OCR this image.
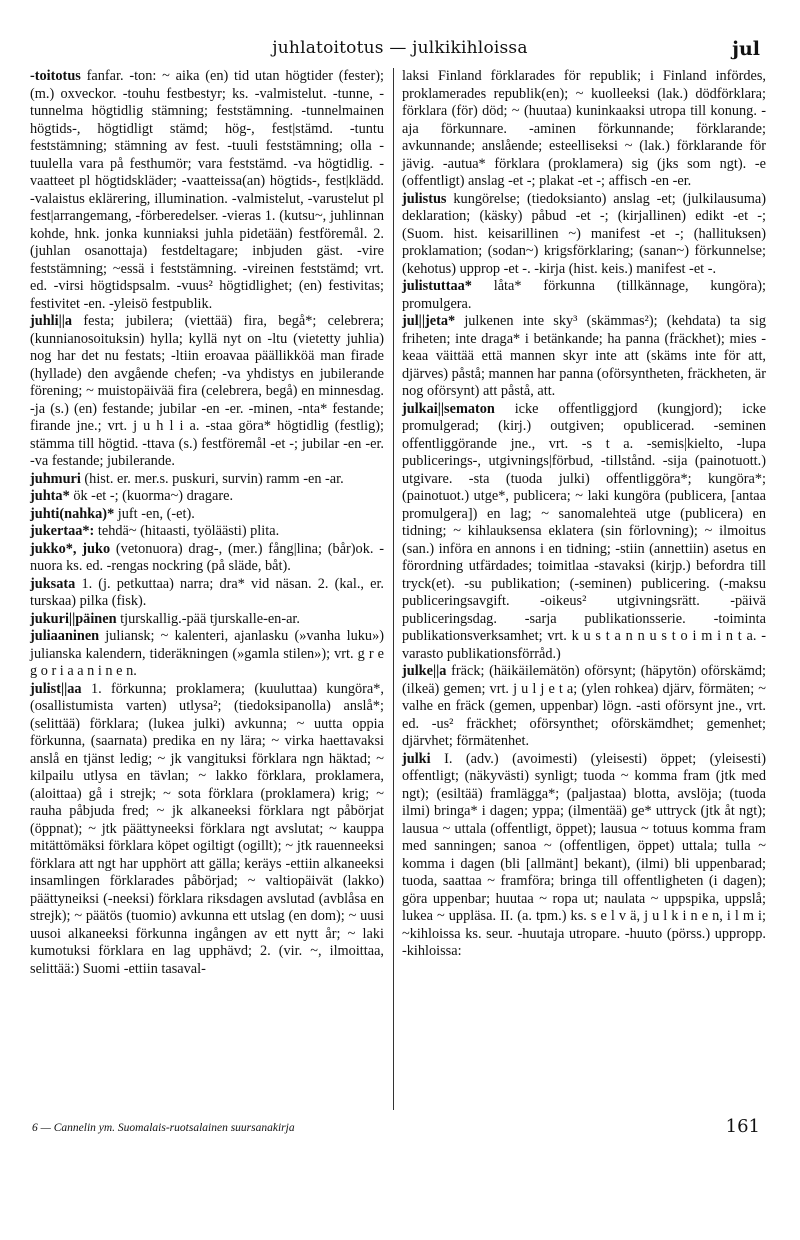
juhlatoitotus — julkikihloissa	jul

-toitotus fanfar. -ton: ~ aika (en) tid utan högtider (fester); (m.) oxveckor. -touhu festbestyr; ks. -valmistelut. -tunne, -tunnelma högtidlig stämning; feststämning. -tunnelmainen högtids-, högtidligt stämd; hög-, fest|stämd. -tuntu feststämning; stämning av fest. -tuuli feststämning; olla -tuulella vara på festhumör; vara feststämd. -va högtidlig. -vaatteet pl högtidskläder; -vaatteissa(an) högtids-, fest|klädd. -valaistus eklärering, illumination. -valmistelut, -varustelut pl fest|arrangemang, -förberedelser. -vieras 1. (kutsu~, juhlinnan kohde, hnk. jonka kunniaksi juhla pidetään) festföremål. 2. (juhlan osanottaja) festdeltagare; inbjuden gäst. -vire feststämning; ~essä i feststämning. -vireinen feststämd; vrt. ed. -virsi högtidspsalm. -vuus² högtidlighet; (en) festivitas; festivitet -en. -yleisö festpublik.

juhli||a festa; jubilera; (viettää) fira, begå*; celebrera; (kunnianosoituksin) hylla; kyllä nyt on -ltu (vietetty juhlia) nog har det nu festats; -ltiin eroavaa päällikköä man firade (hyllade) den avgående chefen; -va yhdistys en jubilerande förening; ~ muistopäivää fira (celebrera, begå) en minnesdag. -ja (s.) (en) festande; jubilar -en -er. -minen, -nta* festande; firande jne.; vrt. j u h l i a. -staa göra* högtidlig (festlig); stämma till högtid. -ttava (s.) festföremål -et -; jubilar -en -er. -va festande; jubilerande.

juhmuri (hist. er. mer.s. puskuri, survin) ramm -en -ar.

juhta* ök -et -; (kuorma~) dragare.

juhti(nahka)* juft -en, (-et).

jukertaa*: tehdä~ (hitaasti, työläästi) plita.

jukko*, juko (vetonuora) drag-, (mer.) fång|lina; (bår)ok. -nuora ks. ed. -rengas nockring (på släde, båt).

juksata 1. (j. petkuttaa) narra; dra* vid näsan. 2. (kal., er. turskaa) pilka (fisk).

jukuri||päinen tjurskallig.-pää tjurskalle-en-ar.

juliaaninen juliansk; ~ kalenteri, ajanlasku (»vanha luku») julianska kalendern, tideräkningen (»gamla stilen»); vrt. g r e g o r i a a n i n e n.

julist||aa 1. förkunna; proklamera; (kuuluttaa) kungöra*, (osallistumista varten) utlysa²; (tiedoksipanolla) anslå*; (selittää) förklara; (lukea julki) avkunna; ~ uutta oppia förkunna, (saarnata) predika en ny lära; ~ virka haettavaksi anslå en tjänst ledig; ~ jk vangituksi förklara ngn häktad; ~ kilpailu utlysa en tävlan; ~ lakko förklara, proklamera, (aloittaa) gå i strejk; ~ sota förklara (proklamera) krig; ~ rauha påbjuda fred; ~ jk alkaneeksi förklara ngt påbörjat (öppnat); ~ jtk päättyneeksi förklara ngt avslutat; ~ kauppa mitättömäksi förklara köpet ogiltigt (ogillt); ~ jtk rauenneeksi förklara att ngt har upphört att gälla; keräys -ettiin alkaneeksi insamlingen förklarades påbörjad; ~ valtiopäivät (lakko) päättyneiksi (-neeksi) förklara riksdagen avslutad (avblåsa en strejk); ~ päätös (tuomio) avkunna ett utslag (en dom); ~ uusi uusoi alkaneeksi förkunna ingången av ett nytt år; ~ laki kumotuksi förklara en lag upphävd; 2. (vir. ~, ilmoittaa, selittää:) Suomi -ettiin tasaval-

laksi Finland förklarades för republik; i Finland infördes, proklamerades republik(en); ~ kuolleeksi (lak.) dödförklara; förklara (för) död; ~ (huutaa) kuninkaaksi utropa till konung. -aja förkunnare. -aminen förkunnande; förklarande; avkunnande; anslående; esteelliseksi ~ (lak.) förklarande för jävig. -autua* förklara (proklamera) sig (jks som ngt). -e (offentligt) anslag -et -; plakat -et -; affisch -en -er.

julistus kungörelse; (tiedoksianto) anslag -et; (julkilausuma) deklaration; (käsky) påbud -et -; (kirjallinen) edikt -et -; (Suom. hist. keisarillinen ~) manifest -et -; (hallituksen) proklamation; (sodan~) krigsförklaring; (sanan~) förkunnelse; (kehotus) upprop -et -. -kirja (hist. keis.) manifest -et -.

julistuttaa* låta* förkunna (tillkännage, kungöra); promulgera.

jul||jeta* julkenen inte sky³ (skämmas²); (kehdata) ta sig friheten; inte draga* i betänkande; ha panna (fräckhet); mies -keaa väittää että mannen skyr inte att (skäms inte för att, djärves) påstå; mannen har panna (oförsyntheten, fräckheten, är nog oförsynt) att påstå, att.

julkai||sematon icke offentliggjord (kungjord); icke promulgerad; (kirj.) outgiven; opublicerad. -seminen offentliggörande jne., vrt. -s t a. -semis|kielto, -lupa publicerings-, utgivnings|förbud, -tillstånd. -sija (painotuott.) utgivare. -sta (tuoda julki) offentliggöra*; kungöra*; (painotuot.) utge*, publicera; ~ laki kungöra (publicera, [antaa promulgera]) en lag; ~ sanomalehteä utge (publicera) en tidning; ~ kihlauksensa eklatera (sin förlovning); ~ ilmoitus (san.) införa en annons i en tidning; -stiin (annettiin) asetus en förordning utfärdades; toimitlaa -stavaksi (kirjp.) befordra till tryck(et). -su publikation; (-seminen) publicering. (-maksu publiceringsavgift. -oikeus² utgivningsrätt. -päivä publiceringsdag. -sarja publikationsserie. -toiminta publikationsverksamhet; vrt. k u s t a n n u s t o i m i n t a. -varasto publikationsförråd.)

julke||a fräck; (häikäilemätön) oförsynt; (häpytön) oförskämd; (ilkeä) gemen; vrt. j u l j e t a; (ylen rohkea) djärv, förmäten; ~ valhe en fräck (gemen, uppenbar) lögn. -asti oförsynt jne., vrt. ed. -us² fräckhet; oförsynthet; oförskämdhet; gemenhet; djärvhet; förmätenhet.

julki I. (adv.) (avoimesti) (yleisesti) öppet; (yleisesti) offentligt; (näkyvästi) synligt; tuoda ~ komma fram (jtk med ngt); (esiltää) framlägga*; (paljastaa) blotta, avslöja; (tuoda ilmi) bringa* i dagen; yppa; (ilmentää) ge* uttryck (jtk åt ngt); lausua ~ uttala (offentligt, öppet); lausua ~ totuus komma fram med sanningen; sanoa ~ (offentligen, öppet) uttala; tulla ~ komma i dagen (bli [allmänt] bekant), (ilmi) bli uppenbarad; tuoda, saattaa ~ framföra; bringa till offentligheten (i dagen); göra uppenbar; huutaa ~ ropa ut; naulata ~ uppspika, uppslå; lukea ~ uppläsa. II. (a. tpm.) ks. s e l v ä, j u l k i n e n, i l m i; ~kihloissa ks. seur. -huutaja utropare. -huuto (pörss.) uppropp. -kihloissa:

6 — Cannelin ym. Suomalais-ruotsalainen suursanakirja	161
